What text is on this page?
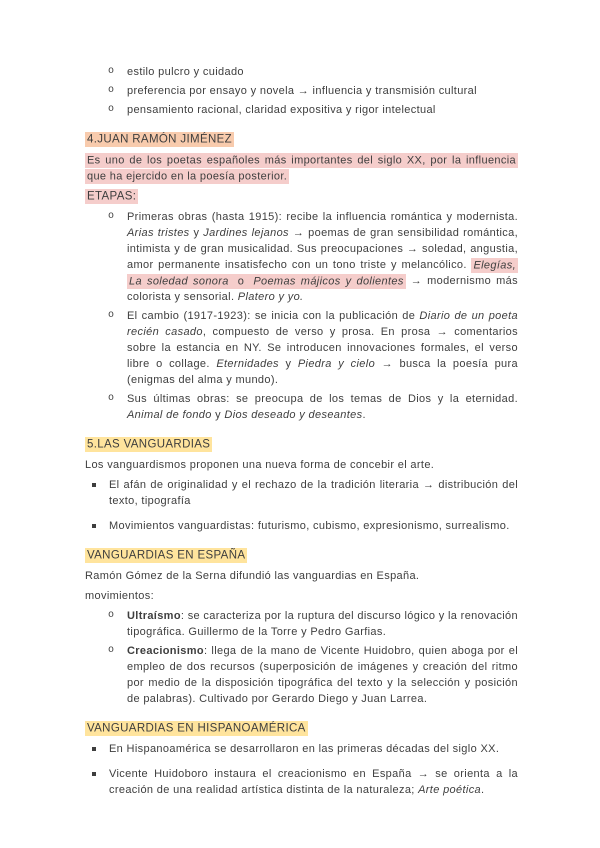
o	estilo pulcro y cuidado
o	preferencia por ensayo y novela → influencia y transmisión cultural
o	pensamiento racional, claridad expositiva y rigor intelectual
4.JUAN RAMÓN JIMÉNEZ

Es uno de los poetas españoles más importantes del siglo XX, por la influencia que ha ejercido en la poesía posterior.

ETAPAS:
o	Primeras obras (hasta 1915): recibe la influencia romántica y modernista. Arias tristes y Jardines lejanos → poemas de gran sensibilidad romántica, intimista y de gran musicalidad. Sus preocupaciones → soledad, angustia, amor permanente insatisfecho con un tono triste y melancólico. Elegías, La soledad sonora o Poemas májicos y dolientes → modernismo más colorista y sensorial. Platero y yo.
o	El cambio (1917-1923): se inicia con la publicación de Diario de un poeta recién casado, compuesto de verso y prosa. En prosa → comentarios sobre la estancia en NY. Se introducen innovaciones formales, el verso libre o collage. Eternidades y Piedra y cielo → busca la poesía pura (enigmas del alma y mundo).
o	Sus últimas obras: se preocupa de los temas de Dios y la eternidad. Animal de fondo y Dios deseado y deseantes.
5.LAS VANGUARDIAS

Los vanguardismos proponen una nueva forma de concebir el arte.

El afán de originalidad y el rechazo de la tradición literaria → distribución del texto, tipografía
Movimientos vanguardistas: futurismo, cubismo, expresionismo, surrealismo.
VANGUARDIAS EN ESPAÑA

Ramón Gómez de la Serna difundió las vanguardias en España.

movimientos:

o	Ultraísmo: se caracteriza por la ruptura del discurso lógico y la renovación tipográfica. Guillermo de la Torre y Pedro Garfias.
o	Creacionismo: llega de la mano de Vicente Huidobro, quien aboga por el empleo de dos recursos (superposición de imágenes y creación del ritmo por medio de la disposición tipográfica del texto y la selección y posición de palabras). Cultivado por Gerardo Diego y Juan Larrea.
VANGUARDIAS EN HISPANOAMÉRICA
En Hispanoamérica se desarrollaron en las primeras décadas del siglo XX.
Vicente Huidoboro instaura el creacionismo en España → se orienta a la creación de una realidad artística distinta de la naturaleza; Arte poética.
